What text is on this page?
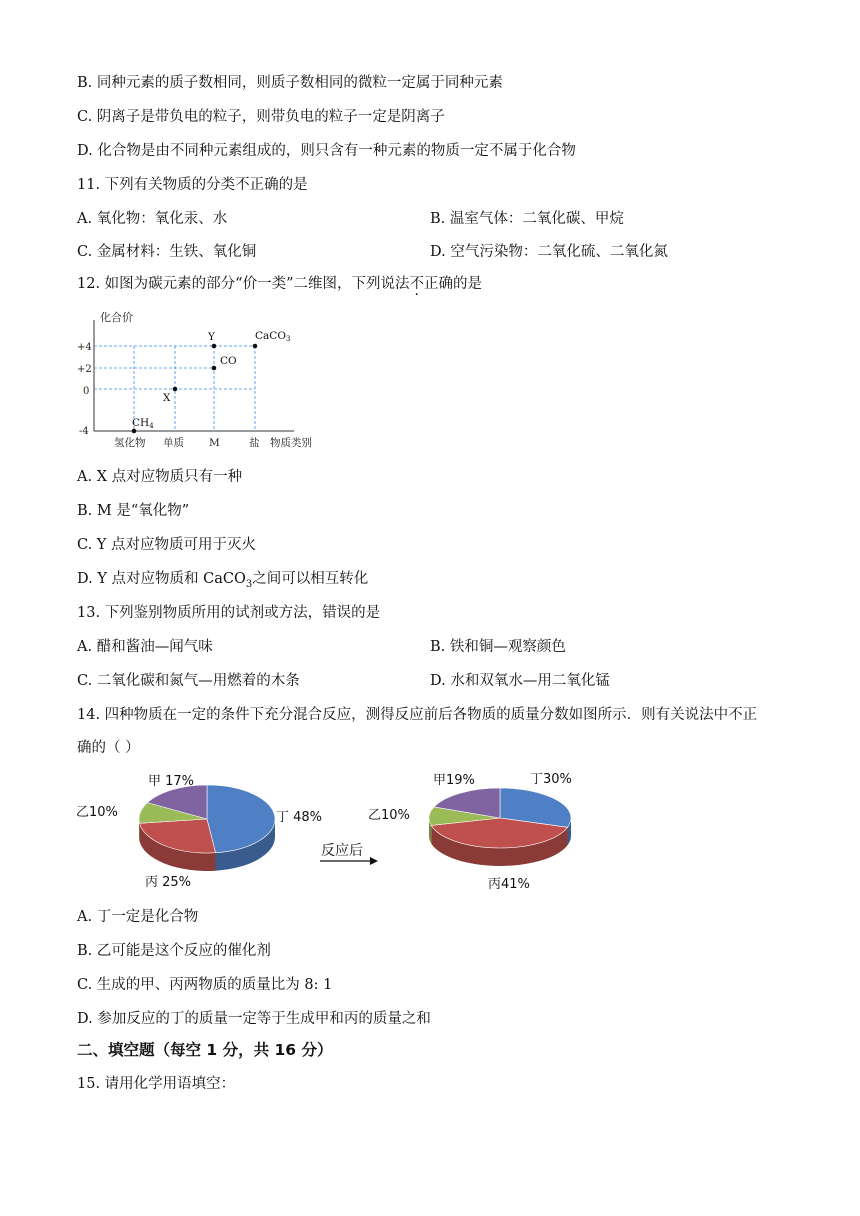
B. 同种元素的质子数相同，则质子数相同的微粒一定属于同种元素
C. 阴离子是带负电的粒子，则带负电的粒子一定是阴离子
D. 化合物是由不同种元素组成的，则只含有一种元素的物质一定不属于化合物
11. 下列有关物质的分类不正确的是
A. 氧化物：氧化汞、水	B. 温室气体：二氧化碳、甲烷
C. 金属材料：生铁、氧化铜	D. 空气污染物：二氧化硫、二氧化氮
12. 如图为碳元素的部分“价一类”二维图，下列说法不正确的是
化合价
+4
+2
0
-4
氢化物 单质 M	盐 物质类别
CH4
X
CO
Y	CaCO3
A. X 点对应物质只有一种
B. M 是“氧化物”
C. Y 点对应物质可用于灭火
D. Y 点对应物质和 CaCO$_3$之间可以相互转化
13. 下列鉴别物质所用的试剂或方法，错误的是
A. 醋和酱油—闻气味	B. 铁和铜—观察颜色
C. 二氧化碳和氮气—用燃着的木条	D. 水和双氧水—用二氧化锰
14. 四种物质在一定的条件下充分混合反应，测得反应前后各物质的质量分数如图所示．则有关说法中不正
确的（ ）
反应后
甲 17%
乙10%	丁 48%
丙 25%
甲19%	丁30%
乙10%
丙41%
A. 丁一定是化合物
B. 乙可能是这个反应的催化剂
C. 生成的甲、丙两物质的质量比为 8: 1
D. 参加反应的丁的质量一定等于生成甲和丙的质量之和
二、填空题（每空 1 分，共 16 分）
15. 请用化学用语填空：
